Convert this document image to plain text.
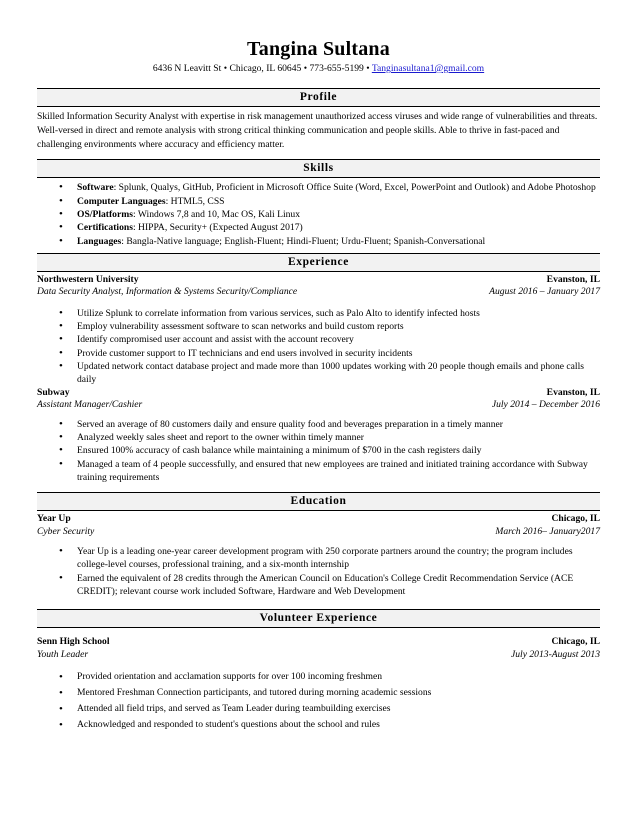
Tangina Sultana
6436 N Leavitt St • Chicago, IL 60645 • 773-655-5199 • Tanginasultana1@gmail.com
Profile
Skilled Information Security Analyst with expertise in risk management unauthorized access viruses and wide range of vulnerabilities and threats. Well-versed in direct and remote analysis with strong critical thinking communication and people skills. Able to thrive in fast-paced and challenging environments where accuracy and efficiency matter.
Skills
• Software: Splunk, Qualys, GitHub, Proficient in Microsoft Office Suite (Word, Excel, PowerPoint and Outlook) and Adobe Photoshop
• Computer Languages: HTML5, CSS
• OS/Platforms: Windows 7,8 and 10, Mac OS, Kali Linux
• Certifications: HIPPA, Security+ (Expected August 2017)
• Languages: Bangla-Native language; English-Fluent; Hindi-Fluent; Urdu-Fluent; Spanish-Conversational
Experience
Northwestern University	Evanston, IL
Data Security Analyst, Information & Systems Security/Compliance	August 2016 – January 2017
• Utilize Splunk to correlate information from various services, such as Palo Alto to identify infected hosts
• Employ vulnerability assessment software to scan networks and build custom reports
• Identify compromised user account and assist with the account recovery
• Provide customer support to IT technicians and end users involved in security incidents
• Updated network contact database project and made more than 1000 updates working with 20 people though emails and phone calls daily
Subway	Evanston, IL
Assistant Manager/Cashier	July 2014 – December 2016
• Served an average of 80 customers daily and ensure quality food and beverages preparation in a timely manner
• Analyzed weekly sales sheet and report to the owner within timely manner
• Ensured 100% accuracy of cash balance while maintaining a minimum of $700 in the cash registers daily
• Managed a team of 4 people successfully, and ensured that new employees are trained and initiated training accordance with Subway training requirements
Education
Year Up	Chicago, IL
Cyber Security	March 2016– January2017
• Year Up is a leading one-year career development program with 250 corporate partners around the country; the program includes college-level courses, professional training, and a six-month internship
• Earned the equivalent of 28 credits through the American Council on Education's College Credit Recommendation Service (ACE CREDIT); relevant course work included Software, Hardware and Web Development
Volunteer Experience
Senn High School	Chicago, IL
Youth Leader	July 2013-August 2013
• Provided orientation and acclamation supports for over 100 incoming freshmen
• Mentored Freshman Connection participants, and tutored during morning academic sessions
• Attended all field trips, and served as Team Leader during teambuilding exercises
• Acknowledged and responded to student's questions about the school and rules
